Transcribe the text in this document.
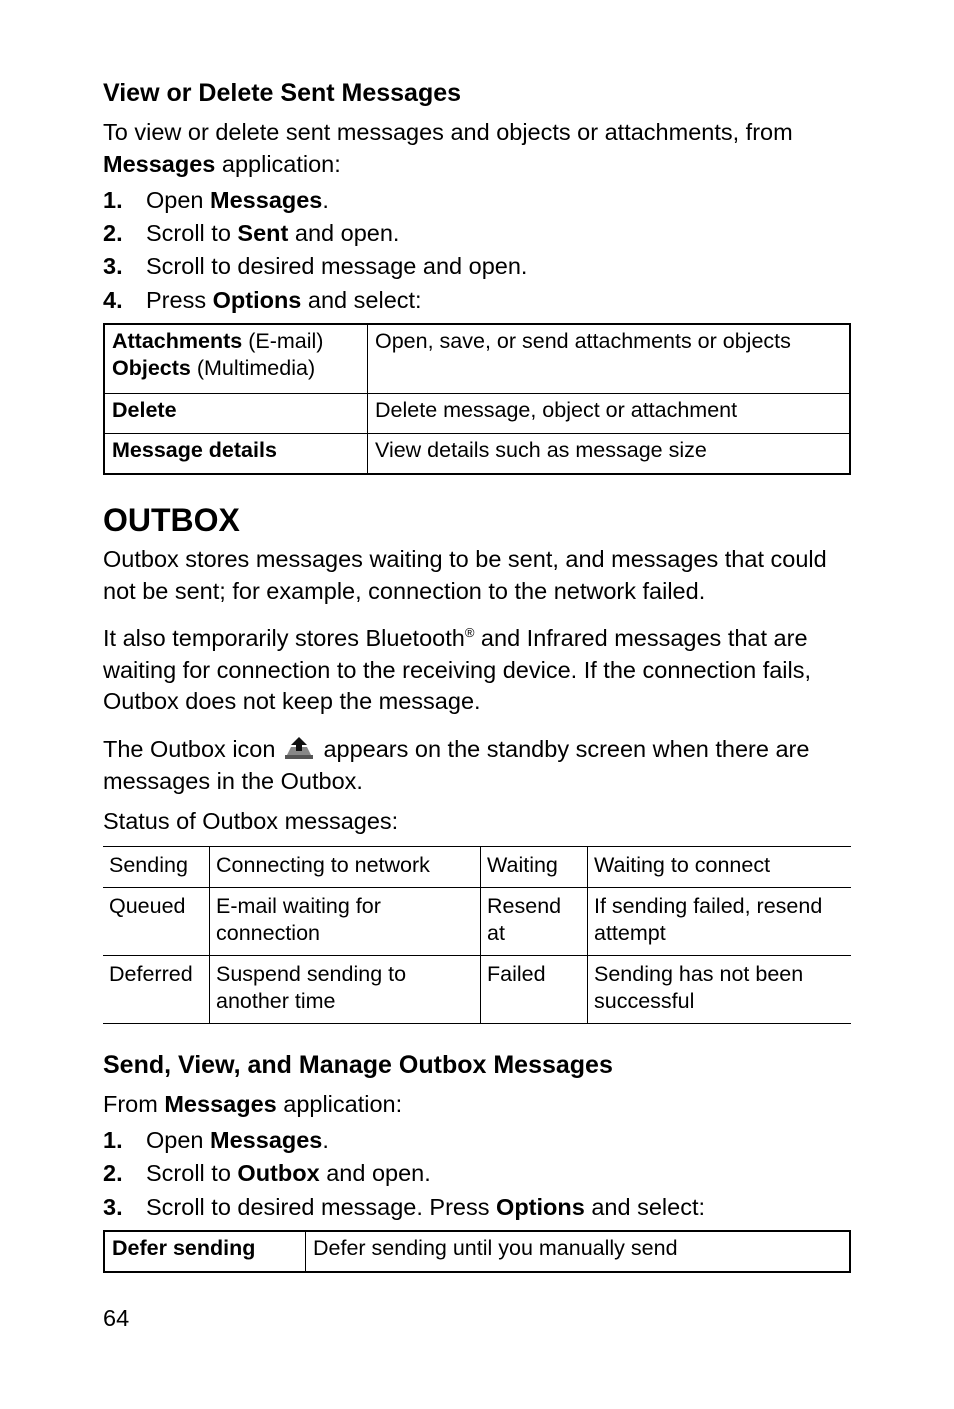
View or Delete Sent Messages
To view or delete sent messages and objects or attachments, from Messages application:
1. Open Messages.
2. Scroll to Sent and open.
3. Scroll to desired message and open.
4. Press Options and select:
Attachments (E-mail)
Objects (Multimedia)	Open, save, or send attachments or objects
Delete	Delete message, object or attachment
Message details	View details such as message size
OUTBOX
Outbox stores messages waiting to be sent, and messages that could not be sent; for example, connection to the network failed.
It also temporarily stores Bluetooth® and Infrared messages that are waiting for connection to the receiving device. If the connection fails, Outbox does not keep the message.
The Outbox icon appears on the standby screen when there are messages in the Outbox.
Status of Outbox messages:
Sending	Connecting to network	Waiting	Waiting to connect
Queued	E-mail waiting for connection	Resend at	If sending failed, resend attempt
Deferred	Suspend sending to another time	Failed	Sending has not been successful
Send, View, and Manage Outbox Messages
From Messages application:
1. Open Messages.
2. Scroll to Outbox and open.
3. Scroll to desired message. Press Options and select:
Defer sending	Defer sending until you manually send
64
